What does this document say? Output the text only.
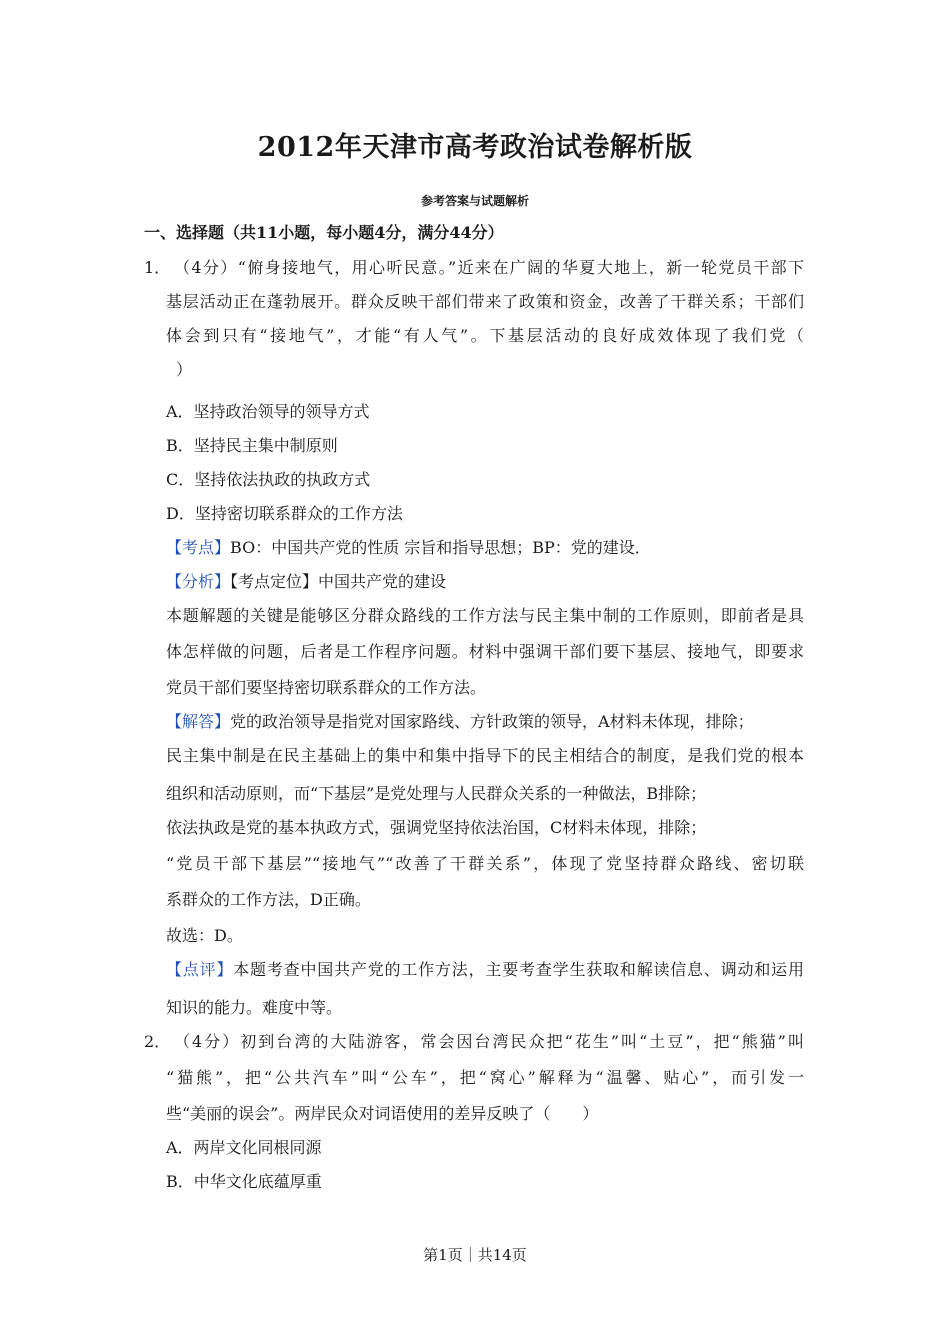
2012年天津市高考政治试卷解析版
参考答案与试题解析
一、选择题（共11小题，每小题4分，满分44分）
1． （4分）“俯身接地气，用心听民意。”近来在广阔的华夏大地上，新一轮党员干部下
基层活动正在蓬勃展开。群众反映干部们带来了政策和资金，改善了干群关系；干部们
体会到只有“接地气”，才能“有人气”。下基层活动的良好成效体现了我们党（
）
A．坚持政治领导的领导方式
B．坚持民主集中制原则
C．坚持依法执政的执政方式
D．坚持密切联系群众的工作方法
【考点】BO：中国共产党的性质 宗旨和指导思想；BP：党的建设．
【分析】【考点定位】中国共产党的建设
本题解题的关键是能够区分群众路线的工作方法与民主集中制的工作原则，即前者是具
体怎样做的问题，后者是工作程序问题。材料中强调干部们要下基层、接地气，即要求
党员干部们要坚持密切联系群众的工作方法。
【解答】党的政治领导是指党对国家路线、方针政策的领导，A材料未体现，排除；
民主集中制是在民主基础上的集中和集中指导下的民主相结合的制度，是我们党的根本
组织和活动原则，而“下基层”是党处理与人民群众关系的一种做法，B排除；
依法执政是党的基本执政方式，强调党坚持依法治国，C材料未体现，排除；
“党员干部下基层”“接地气”“改善了干群关系”，体现了党坚持群众路线、密切联
系群众的工作方法，D正确。
故选：D。
【点评】本题考查中国共产党的工作方法，主要考查学生获取和解读信息、调动和运用
知识的能力。难度中等。
2． （4分）初到台湾的大陆游客，常会因台湾民众把“花生”叫“土豆”，把“熊猫”叫
“猫熊”，把“公共汽车”叫“公车”，把“窝心”解释为“温馨、贴心”，而引发一
些“美丽的误会”。两岸民众对词语使用的差异反映了（　　）
A．两岸文化同根同源
B．中华文化底蕴厚重
第1页｜共14页
